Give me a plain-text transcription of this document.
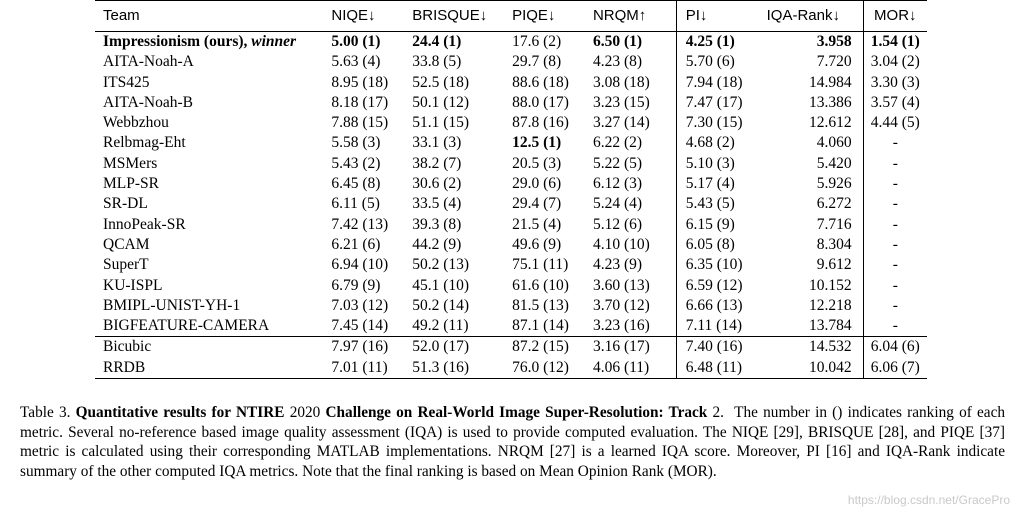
Team	NIQE↓	BRISQUE↓	PIQE↓	NRQM↑	PI↓	IQA-Rank↓	MOR↓
Impressionism (ours), winner	5.00 (1)	24.4 (1)	17.6 (2)	6.50 (1)	4.25 (1)	3.958	1.54 (1)
AITA-Noah-A	5.63 (4)	33.8 (5)	29.7 (8)	4.23 (8)	5.70 (6)	7.720	3.04 (2)
ITS425	8.95 (18)	52.5 (18)	88.6 (18)	3.08 (18)	7.94 (18)	14.984	3.30 (3)
AITA-Noah-B	8.18 (17)	50.1 (12)	88.0 (17)	3.23 (15)	7.47 (17)	13.386	3.57 (4)
Webbzhou	7.88 (15)	51.1 (15)	87.8 (16)	3.27 (14)	7.30 (15)	12.612	4.44 (5)
Relbmag-Eht	5.58 (3)	33.1 (3)	12.5 (1)	6.22 (2)	4.68 (2)	4.060	-
MSMers	5.43 (2)	38.2 (7)	20.5 (3)	5.22 (5)	5.10 (3)	5.420	-
MLP-SR	6.45 (8)	30.6 (2)	29.0 (6)	6.12 (3)	5.17 (4)	5.926	-
SR-DL	6.11 (5)	33.5 (4)	29.4 (7)	5.24 (4)	5.43 (5)	6.272	-
InnoPeak-SR	7.42 (13)	39.3 (8)	21.5 (4)	5.12 (6)	6.15 (9)	7.716	-
QCAM	6.21 (6)	44.2 (9)	49.6 (9)	4.10 (10)	6.05 (8)	8.304	-
SuperT	6.94 (10)	50.2 (13)	75.1 (11)	4.23 (9)	6.35 (10)	9.612	-
KU-ISPL	6.79 (9)	45.1 (10)	61.6 (10)	3.60 (13)	6.59 (12)	10.152	-
BMIPL-UNIST-YH-1	7.03 (12)	50.2 (14)	81.5 (13)	3.70 (12)	6.66 (13)	12.218	-
BIGFEATURE-CAMERA	7.45 (14)	49.2 (11)	87.1 (14)	3.23 (16)	7.11 (14)	13.784	-
Bicubic	7.97 (16)	52.0 (17)	87.2 (15)	3.16 (17)	7.40 (16)	14.532	6.04 (6)
RRDB	7.01 (11)	51.3 (16)	76.0 (12)	4.06 (11)	6.48 (11)	10.042	6.06 (7)

Table 3. Quantitative results for NTIRE 2020 Challenge on Real-World Image Super-Resolution: Track 2. The number in () indicates ranking of each metric. Several no-reference based image quality assessment (IQA) is used to provide computed evaluation. The NIQE [29], BRISQUE [28], and PIQE [37] metric is calculated using their corresponding MATLAB implementations. NRQM [27] is a learned IQA score. Moreover, PI [16] and IQA-Rank indicate summary of the other computed IQA metrics. Note that the final ranking is based on Mean Opinion Rank (MOR).

https://blog.csdn.net/GracePro
